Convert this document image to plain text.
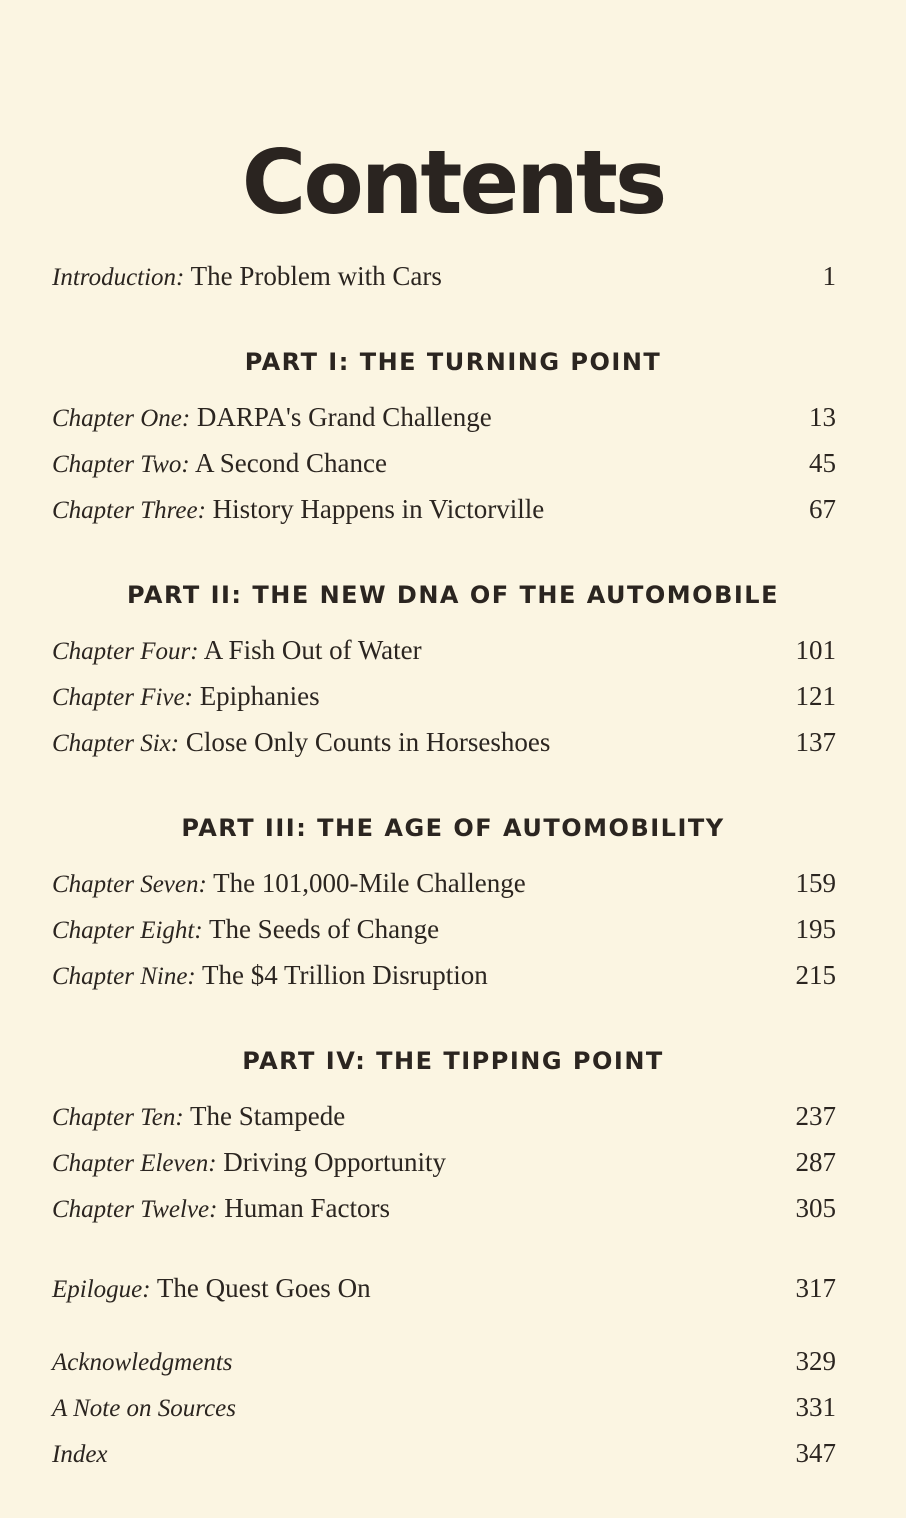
Contents
Introduction: The Problem with Cars	1
PART I: THE TURNING POINT
Chapter One: DARPA's Grand Challenge	13
Chapter Two: A Second Chance	45
Chapter Three: History Happens in Victorville	67
PART II: THE NEW DNA OF THE AUTOMOBILE
Chapter Four: A Fish Out of Water	101
Chapter Five: Epiphanies	121
Chapter Six: Close Only Counts in Horseshoes	137
PART III: THE AGE OF AUTOMOBILITY
Chapter Seven: The 101,000-Mile Challenge	159
Chapter Eight: The Seeds of Change	195
Chapter Nine: The $4 Trillion Disruption	215
PART IV: THE TIPPING POINT
Chapter Ten: The Stampede	237
Chapter Eleven: Driving Opportunity	287
Chapter Twelve: Human Factors	305
Epilogue: The Quest Goes On	317
Acknowledgments	329
A Note on Sources	331
Index	347
